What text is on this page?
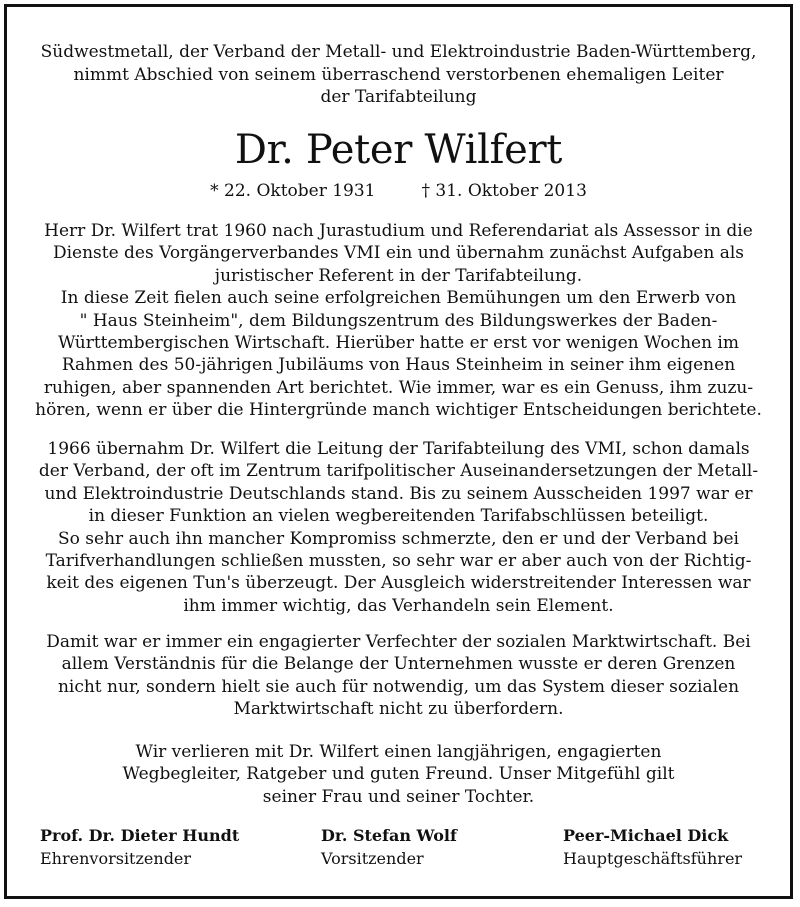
Südwestmetall, der Verband der Metall- und Elektroindustrie Baden-Württemberg,
nimmt Abschied von seinem überraschend verstorbenen ehemaligen Leiter
der Tarifabteilung
Dr. Peter Wilfert
* 22. Oktober 1931	† 31. Oktober 2013
Herr Dr. Wilfert trat 1960 nach Jurastudium und Referendariat als Assessor in die
Dienste des Vorgängerverbandes VMI ein und übernahm zunächst Aufgaben als
juristischer Referent in der Tarifabteilung.
In diese Zeit fielen auch seine erfolgreichen Bemühungen um den Erwerb von
" Haus Steinheim", dem Bildungszentrum des Bildungswerkes der Baden-
Württembergischen Wirtschaft. Hierüber hatte er erst vor wenigen Wochen im
Rahmen des 50-jährigen Jubiläums von Haus Steinheim in seiner ihm eigenen
ruhigen, aber spannenden Art berichtet. Wie immer, war es ein Genuss, ihm zuzu-
hören, wenn er über die Hintergründe manch wichtiger Entscheidungen berichtete.
1966 übernahm Dr. Wilfert die Leitung der Tarifabteilung des VMI, schon damals
der Verband, der oft im Zentrum tarifpolitischer Auseinandersetzungen der Metall-
und Elektroindustrie Deutschlands stand. Bis zu seinem Ausscheiden 1997 war er
in dieser Funktion an vielen wegbereitenden Tarifabschlüssen beteiligt.
So sehr auch ihn mancher Kompromiss schmerzte, den er und der Verband bei
Tarifverhandlungen schließen mussten, so sehr war er aber auch von der Richtig-
keit des eigenen Tun's überzeugt. Der Ausgleich widerstreitender Interessen war
ihm immer wichtig, das Verhandeln sein Element.
Damit war er immer ein engagierter Verfechter der sozialen Marktwirtschaft. Bei
allem Verständnis für die Belange der Unternehmen wusste er deren Grenzen
nicht nur, sondern hielt sie auch für notwendig, um das System dieser sozialen
Marktwirtschaft nicht zu überfordern.
Wir verlieren mit Dr. Wilfert einen langjährigen, engagierten
Wegbegleiter, Ratgeber und guten Freund. Unser Mitgefühl gilt
seiner Frau und seiner Tochter.
Prof. Dr. Dieter Hundt
Ehrenvorsitzender
Dr. Stefan Wolf
Vorsitzender
Peer-Michael Dick
Hauptgeschäftsführer
